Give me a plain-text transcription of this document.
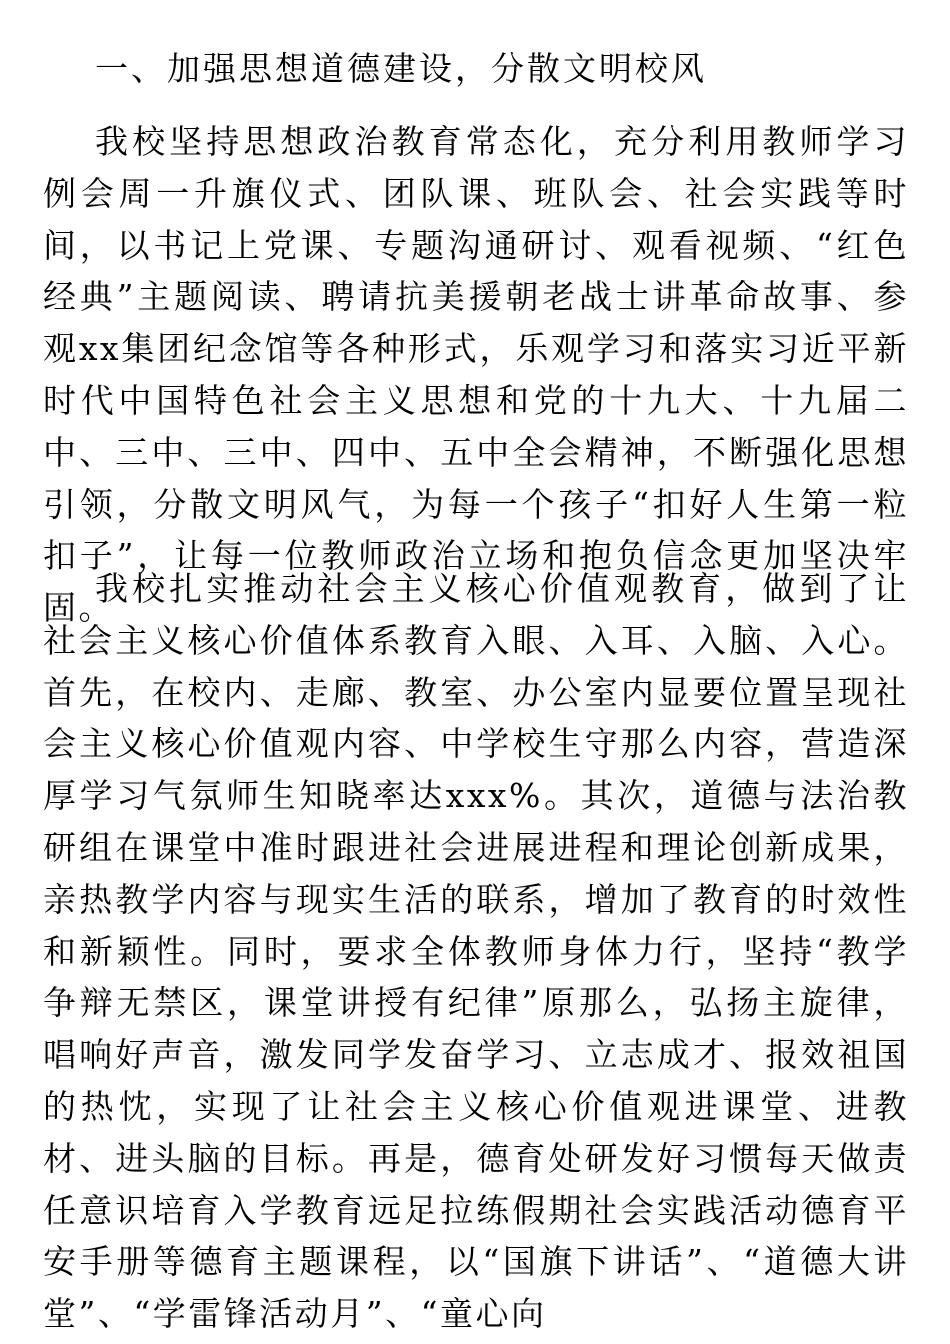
一、加强思想道德建设，分散文明校风

我校坚持思想政治教育常态化，充分利用教师学习例会周一升旗仪式、团队课、班队会、社会实践等时间，以书记上党课、专题沟通研讨、观看视频、“红色经典”主题阅读、聘请抗美援朝老战士讲革命故事、参观xx集团纪念馆等各种形式，乐观学习和落实习近平新时代中国特色社会主义思想和党的十九大、十九届二中、三中、三中、四中、五中全会精神，不断强化思想引领，分散文明风气，为每一个孩子“扣好人生第一粒扣子”，让每一位教师政治立场和抱负信念更加坚决牢固。

我校扎实推动社会主义核心价值观教育，做到了让社会主义核心价值体系教育入眼、入耳、入脑、入心。首先，在校内、走廊、教室、办公室内显要位置呈现社会主义核心价值观内容、中学校生守那么内容，营造深厚学习气氛师生知晓率达xxx%。其次，道德与法治教研组在课堂中准时跟进社会进展进程和理论创新成果，亲热教学内容与现实生活的联系，增加了教育的时效性和新颖性。同时，要求全体教师身体力行，坚持“教学争辩无禁区，课堂讲授有纪律”原那么，弘扬主旋律，唱响好声音，激发同学发奋学习、立志成才、报效祖国的热忱，实现了让社会主义核心价值观进课堂、进教材、进头脑的目标。再是，德育处研发好习惯每天做责任意识培育入学教育远足拉练假期社会实践活动德育平安手册等德育主题课程，以“国旗下讲话”、“道德大讲堂”、“学雷锋活动月”、“童心向
